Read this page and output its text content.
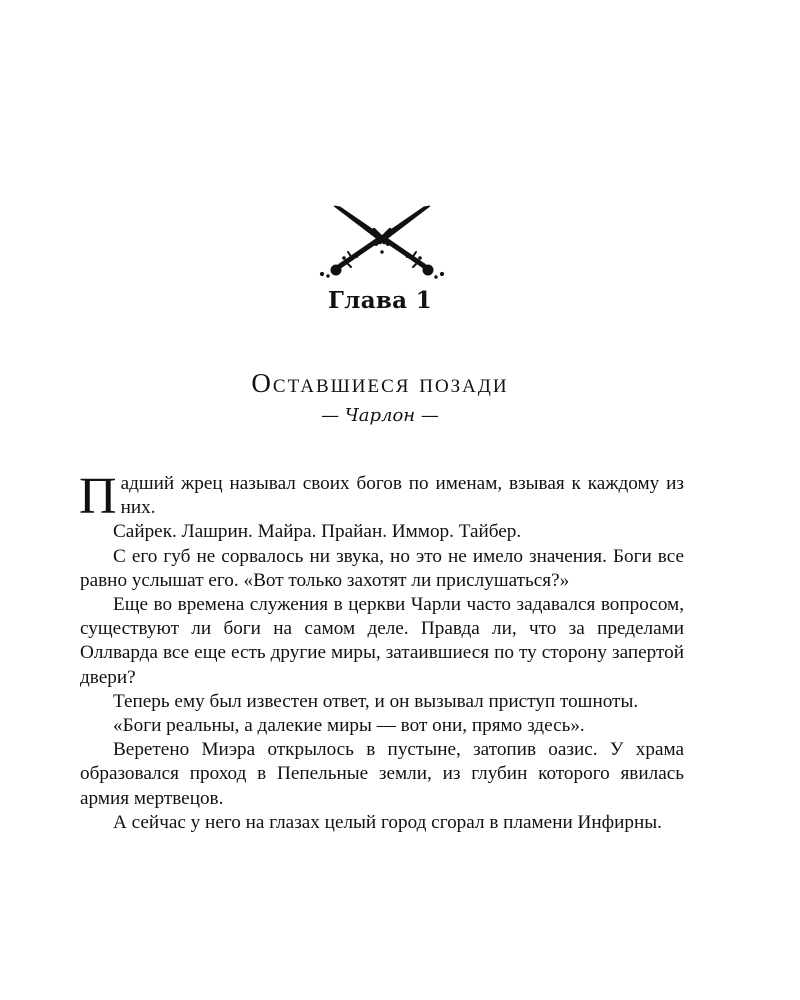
Глава 1
Оставшиеся позади
— Чарлон —

Падший жрец называл своих богов по именам, взывая к каждому из них.

Сайрек. Лашрин. Майра. Прайан. Иммор. Тайбер.

С его губ не сорвалось ни звука, но это не имело значения. Боги все равно услышат его. «Вот только захотят ли прислушаться?»

Еще во времена служения в церкви Чарли часто задавался вопросом, существуют ли боги на самом деле. Правда ли, что за пределами Оллварда все еще есть другие миры, затаившиеся по ту сторону запертой двери?

Теперь ему был известен ответ, и он вызывал приступ тошноты.

«Боги реальны, а далекие миры — вот они, прямо здесь».

Веретено Миэра открылось в пустыне, затопив оазис. У храма образовался проход в Пепельные земли, из глубин которого явилась армия мертвецов.

А сейчас у него на глазах целый город сгорал в пламени Инфирны.
